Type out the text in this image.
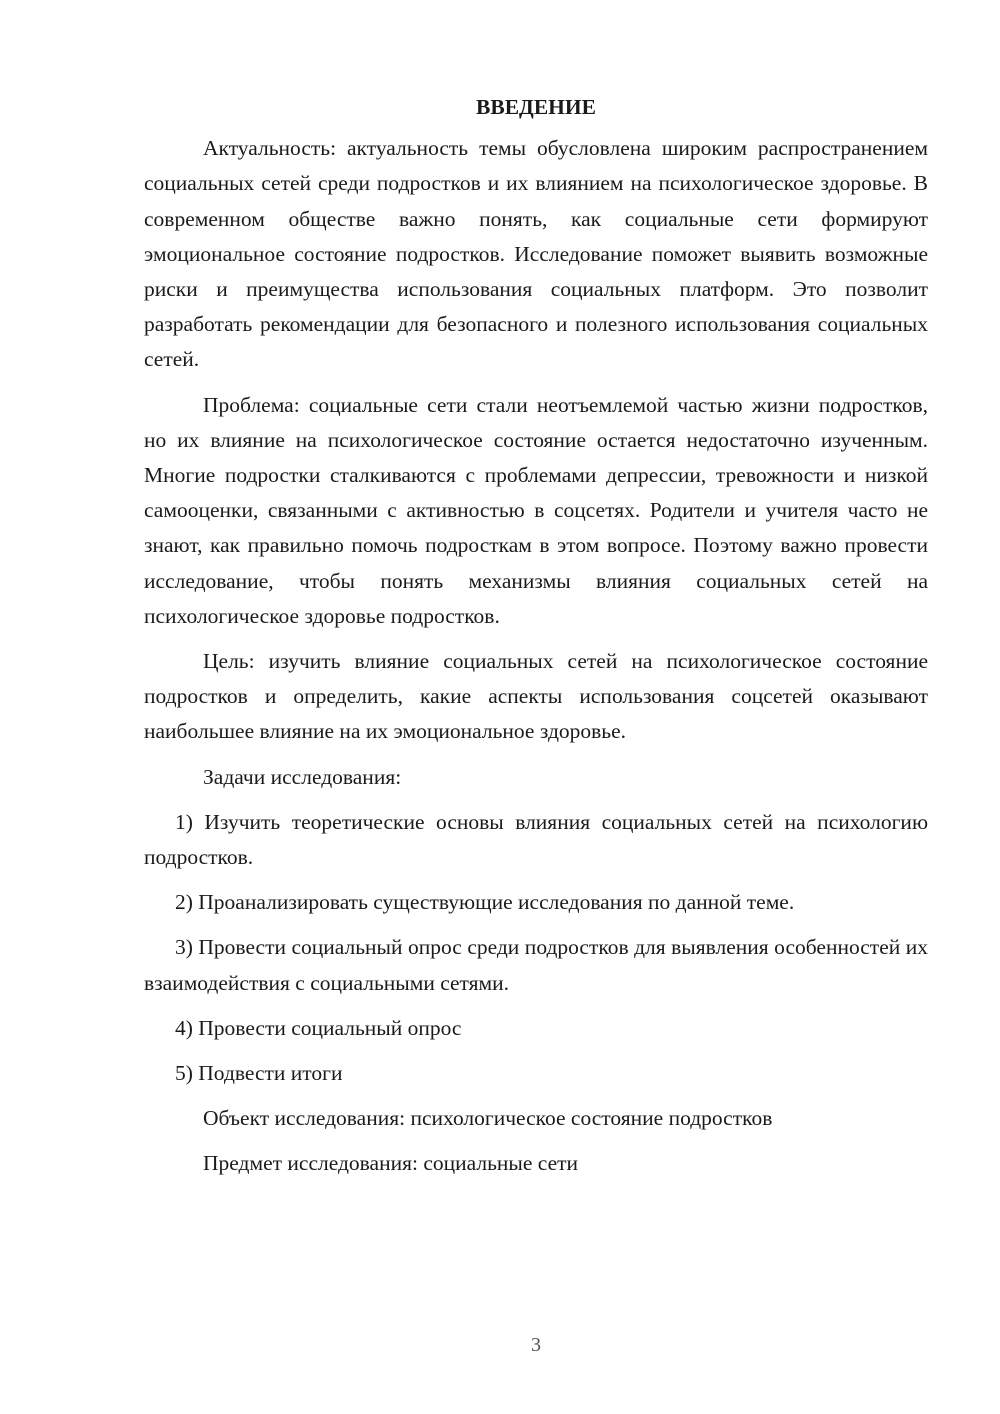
ВВЕДЕНИЕ

Актуальность: актуальность темы обусловлена широким распространением социальных сетей среди подростков и их влиянием на психологическое здоровье. В современном обществе важно понять, как социальные сети формируют эмоциональное состояние подростков. Исследование поможет выявить возможные риски и преимущества использования социальных платформ. Это позволит разработать рекомендации для безопасного и полезного использования социальных сетей.

Проблема: социальные сети стали неотъемлемой частью жизни подростков, но их влияние на психологическое состояние остается недостаточно изученным. Многие подростки сталкиваются с проблемами депрессии, тревожности и низкой самооценки, связанными с активностью в соцсетях. Родители и учителя часто не знают, как правильно помочь подросткам в этом вопросе. Поэтому важно провести исследование, чтобы понять механизмы влияния социальных сетей на психологическое здоровье подростков.

Цель: изучить влияние социальных сетей на психологическое состояние подростков и определить, какие аспекты использования соцсетей оказывают наибольшее влияние на их эмоциональное здоровье.

Задачи исследования:

1) Изучить теоретические основы влияния социальных сетей на психологию подростков.

2) Проанализировать существующие исследования по данной теме.

3) Провести социальный опрос среди подростков для выявления особенностей их взаимодействия с социальными сетями.

4) Провести социальный опрос

5) Подвести итоги

Объект исследования: психологическое состояние подростков

Предмет исследования: социальные сети

3
